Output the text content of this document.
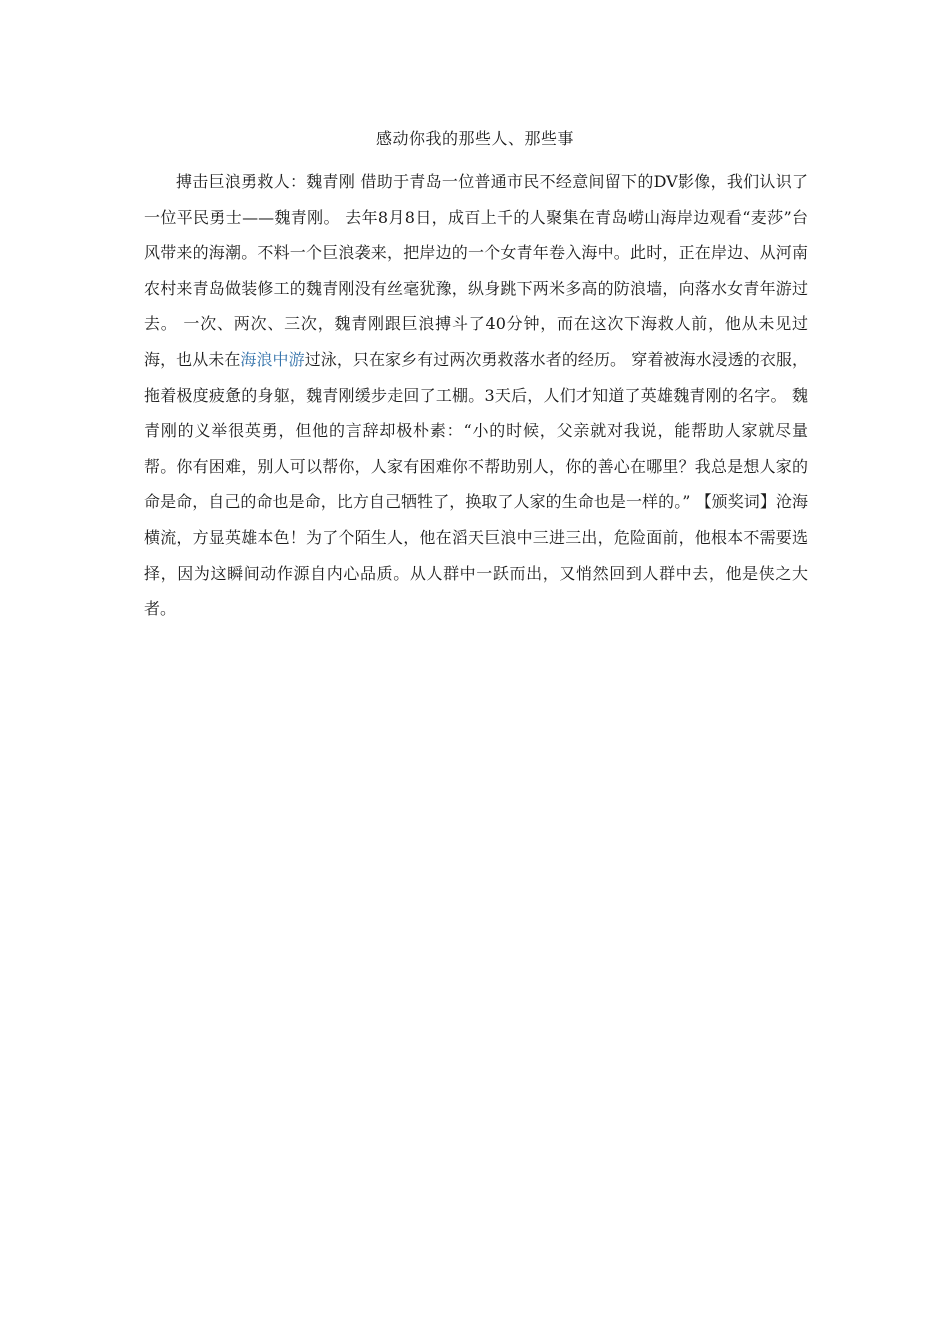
感动你我的那些人、那些事

搏击巨浪勇救人：魏青刚 借助于青岛一位普通市民不经意间留下的DV影像，我们认识了一位平民勇士——魏青刚。 去年8月8日，成百上千的人聚集在青岛崂山海岸边观看“麦莎”台风带来的海潮。不料一个巨浪袭来，把岸边的一个女青年卷入海中。此时，正在岸边、从河南农村来青岛做装修工的魏青刚没有丝毫犹豫，纵身跳下两米多高的防浪墙，向落水女青年游过去。 一次、两次、三次，魏青刚跟巨浪搏斗了40分钟，而在这次下海救人前，他从未见过海，也从未在海浪中游过泳，只在家乡有过两次勇救落水者的经历。 穿着被海水浸透的衣服，拖着极度疲惫的身躯，魏青刚缓步走回了工棚。3天后，人们才知道了英雄魏青刚的名字。 魏青刚的义举很英勇，但他的言辞却极朴素：“小的时候，父亲就对我说，能帮助人家就尽量帮。你有困难，别人可以帮你，人家有困难你不帮助别人，你的善心在哪里？我总是想人家的命是命，自己的命也是命，比方自己牺牲了，换取了人家的生命也是一样的。” 【颁奖词】沧海横流，方显英雄本色！为了个陌生人，他在滔天巨浪中三进三出，危险面前，他根本不需要选择，因为这瞬间动作源自内心品质。从人群中一跃而出，又悄然回到人群中去，他是侠之大者。
